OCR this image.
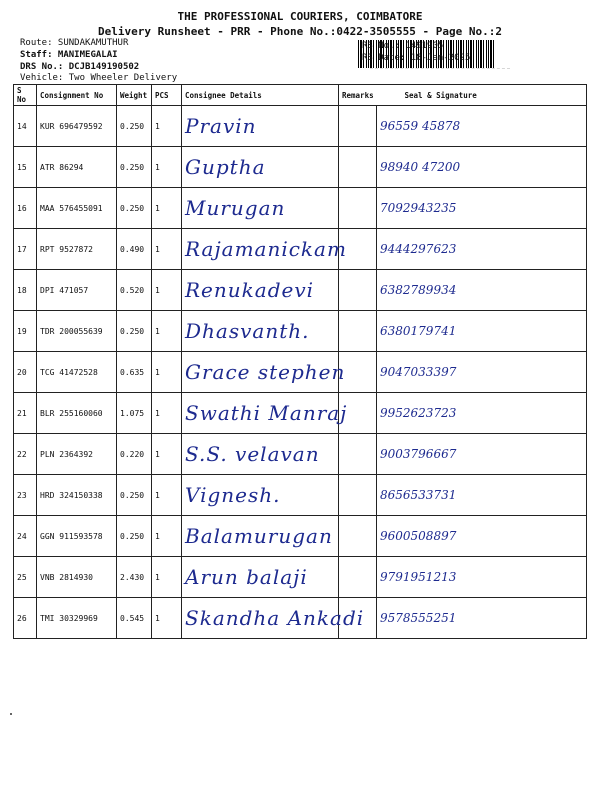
THE PROFESSIONAL COURIERS, COIMBATORE
Delivery Runsheet - PRR - Phone No.:0422-3505555 - Page No.:2
Route: SUNDAKAMUTHUR
Staff: MANIMEGALAI
DRS No.: DCJB149190502
Vehicle: Two Wheeler Delivery
RS No.: 1491905
RS Date: 18-Jan-2025
S No	Consignment No	Weight	PCS	Consignee Details	Remarks	Seal & Signature
14	KUR 696479592	0.250	1	Pravin		96559 45878
15	ATR 86294	0.250	1	Guptha		98940 47200
16	MAA 576455091	0.250	1	Murugan		7092943235
17	RPT 9527872	0.490	1	Rajamanickam		9444297623
18	DPI 471057	0.520	1	Renukadevi		6382789934
19	TDR 200055639	0.250	1	Dhasvanth.		6380179741
20	TCG 41472528	0.635	1	Grace stephen		9047033397
21	BLR 255160060	1.075	1	Swathi Manraj		9952623723
22	PLN 2364392	0.220	1	S.S. velavan		9003796667
23	HRD 324150338	0.250	1	Vignesh.		8656533731
24	GGN 911593578	0.250	1	Balamurugan		9600508897
25	VNB 2814930	2.430	1	Arun balaji		9791951213
26	TMI 30329969	0.545	1	Skandha Ankadi		9578555251
